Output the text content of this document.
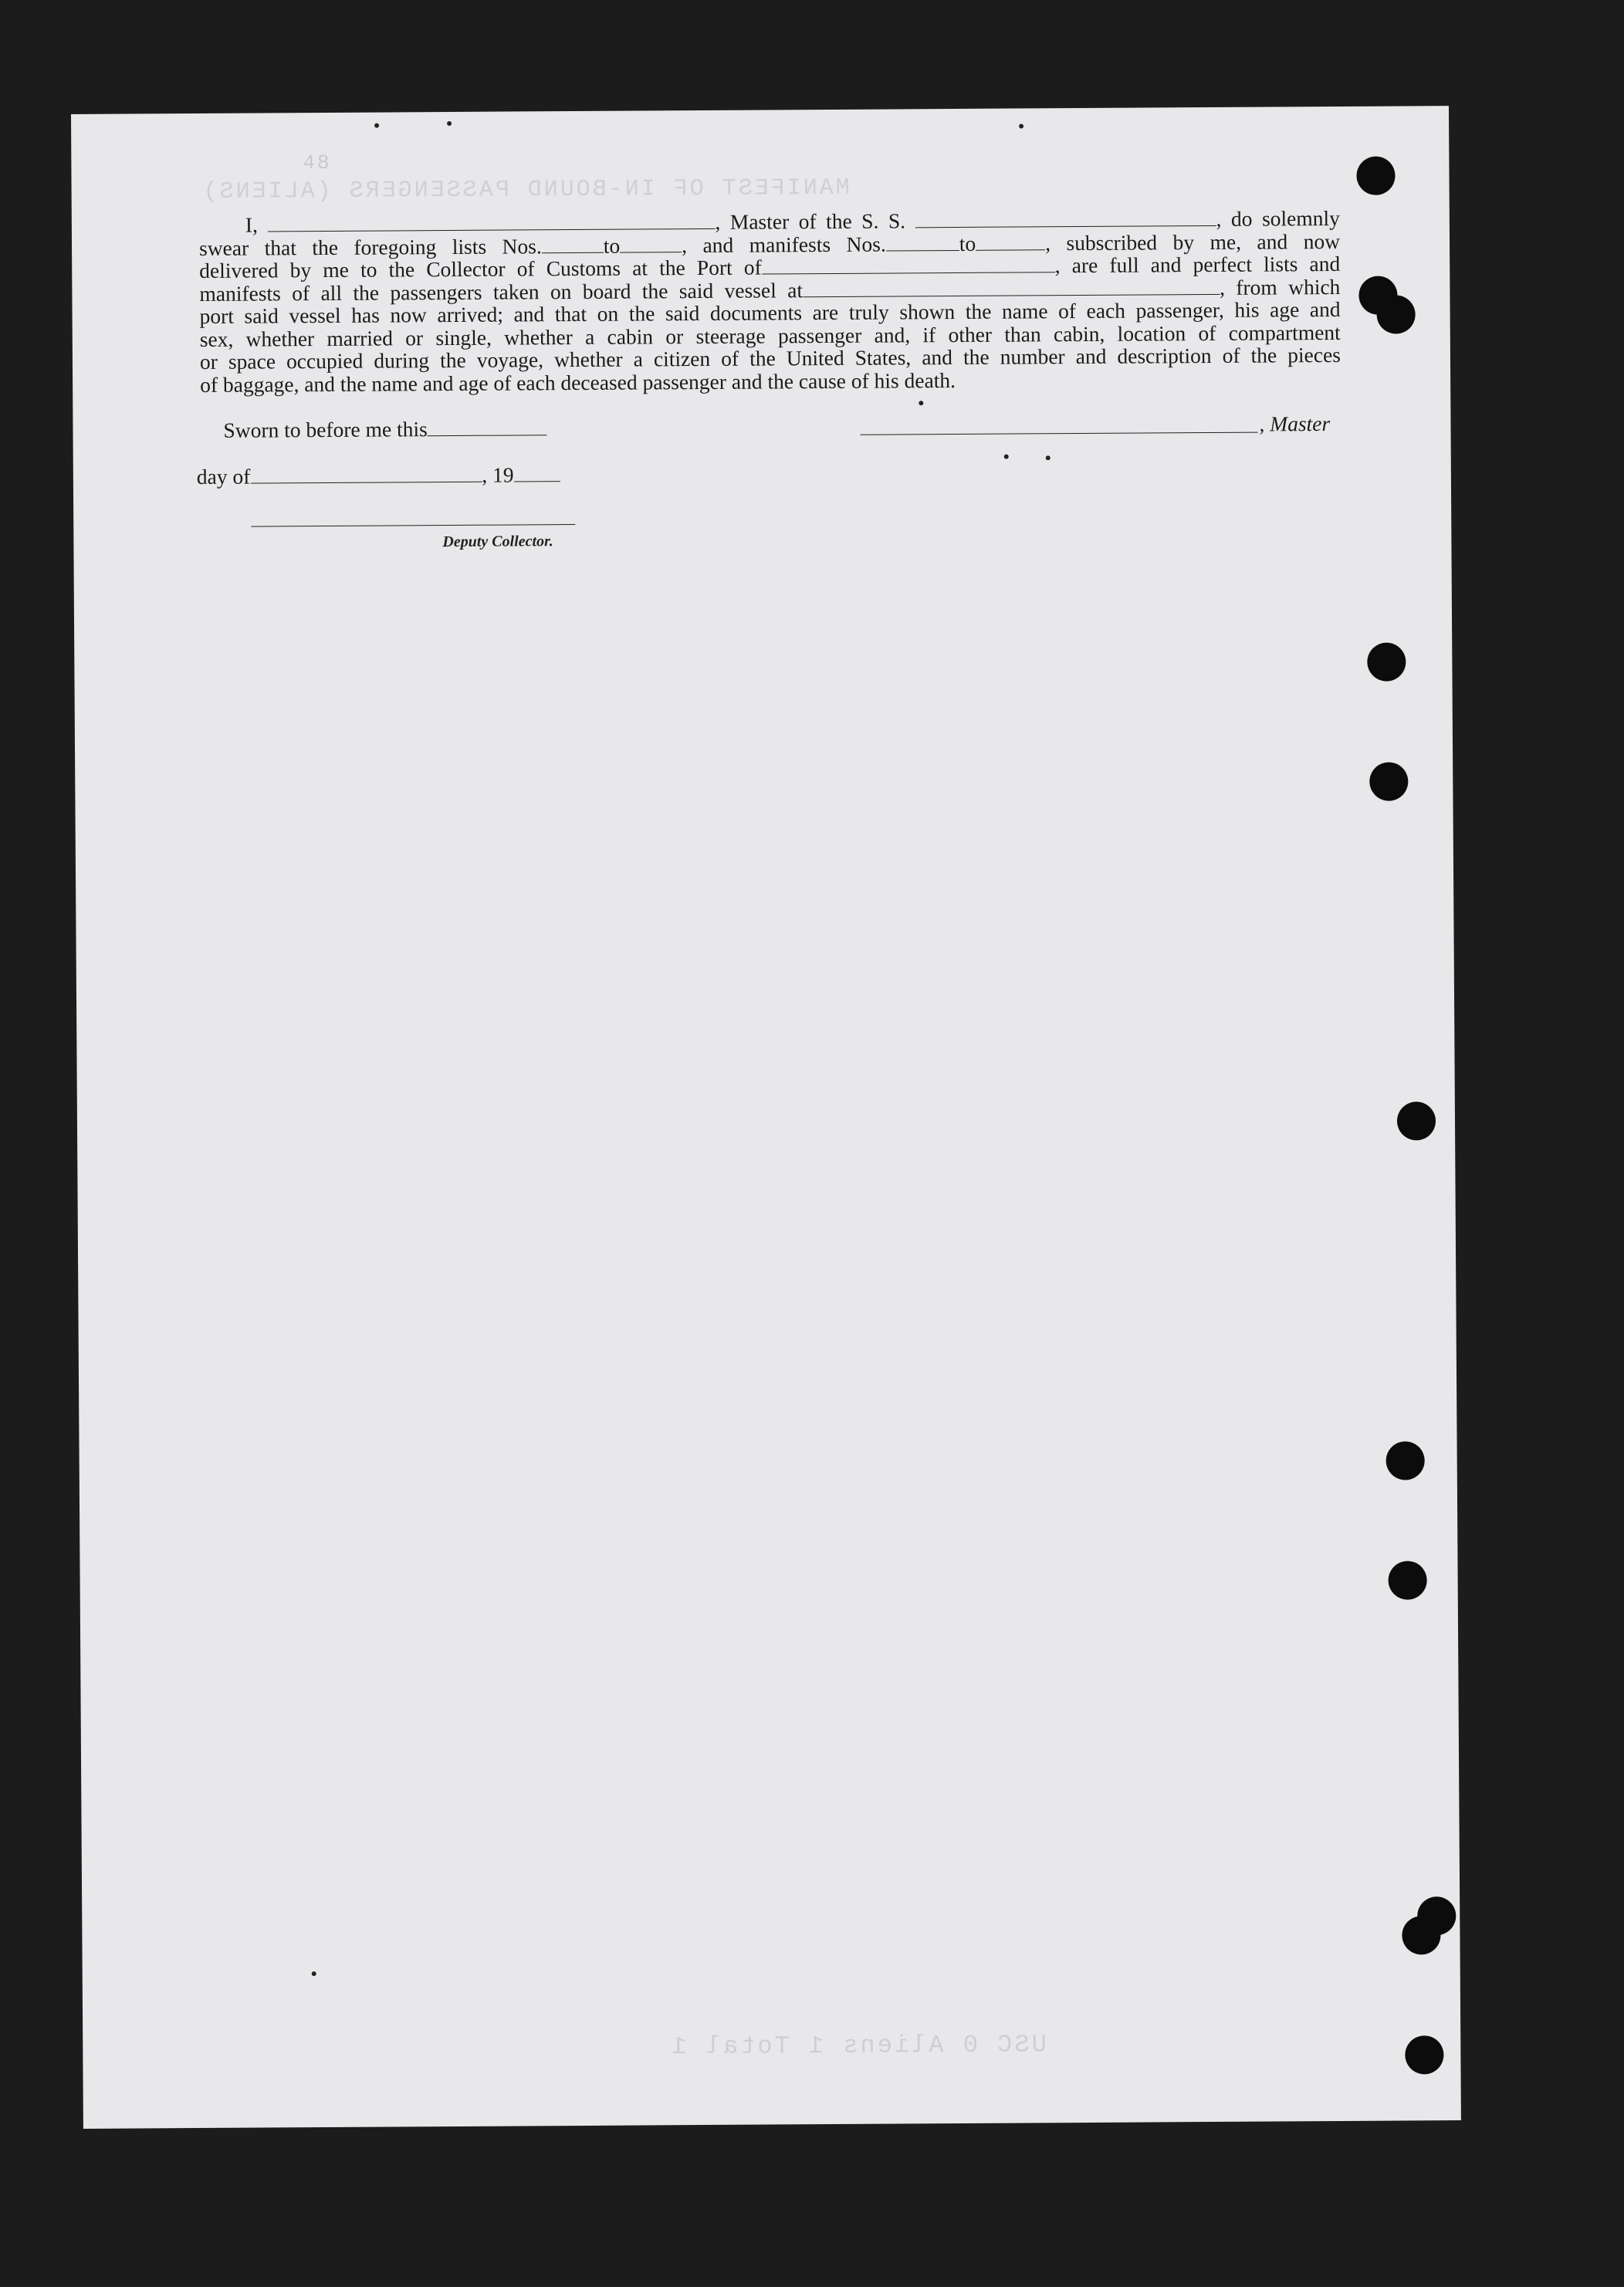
48
MANIFEST OF IN-BOUND PASSENGERS (ALIENS)

I,	, Master of the S. S.	, do solemnly

swear that the foregoing lists Nos.	to	, and manifests Nos.	to	, subscribed by me, and now

delivered by me to the Collector of Customs at the Port of	, are full and perfect lists and

manifests of all the passengers taken on board the said vessel at	, from which

port said vessel has now arrived; and that on the said documents are truly shown the name of each passenger, his age and

sex, whether married or single, whether a cabin or steerage passenger and, if other than cabin, location of compartment

or space occupied during the voyage, whether a citizen of the United States, and the number and description of the pieces

of baggage, and the name and age of each deceased passenger and the cause of his death.

Sworn to before me this	, Master
day of	, 19
Deputy Collector.
USC 0 Aliens 1 Total 1
